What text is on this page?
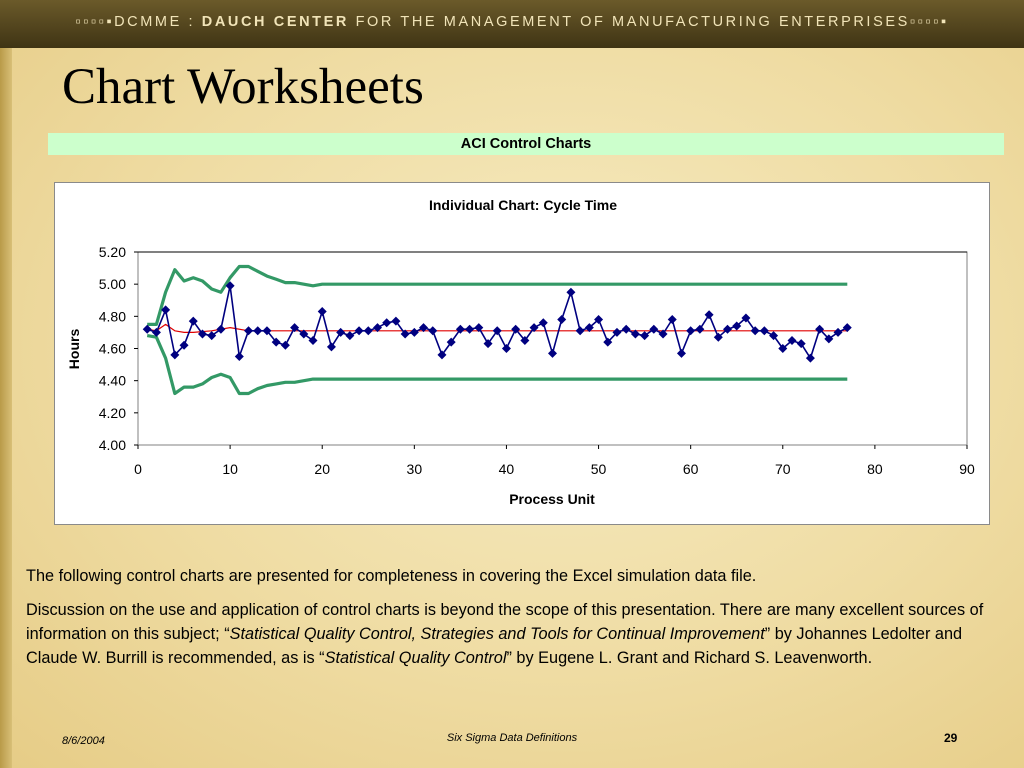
▫▫▫▫▪DCMME : DAUCH CENTER FOR THE MANAGEMENT OF MANUFACTURING ENTERPRISES▫▫▫▫▪
Chart Worksheets
ACI Control Charts
Individual Chart: Cycle Time
Process Unit
Hours
4.00
4.20
4.40
4.60
4.80
5.00
5.20
0	10	20	30	40	50	60	70	80	90
The following control charts are presented for completeness in covering the Excel simulation data file.
Discussion on the use and application of control charts is beyond the scope of this presentation. There are many excellent sources of information on this subject; “Statistical Quality Control, Strategies and Tools for Continual Improvement” by Johannes Ledolter and Claude W. Burrill is recommended, as is “Statistical Quality Control” by Eugene L. Grant and Richard S. Leavenworth.
8/6/2004	Six Sigma Data Definitions	29
